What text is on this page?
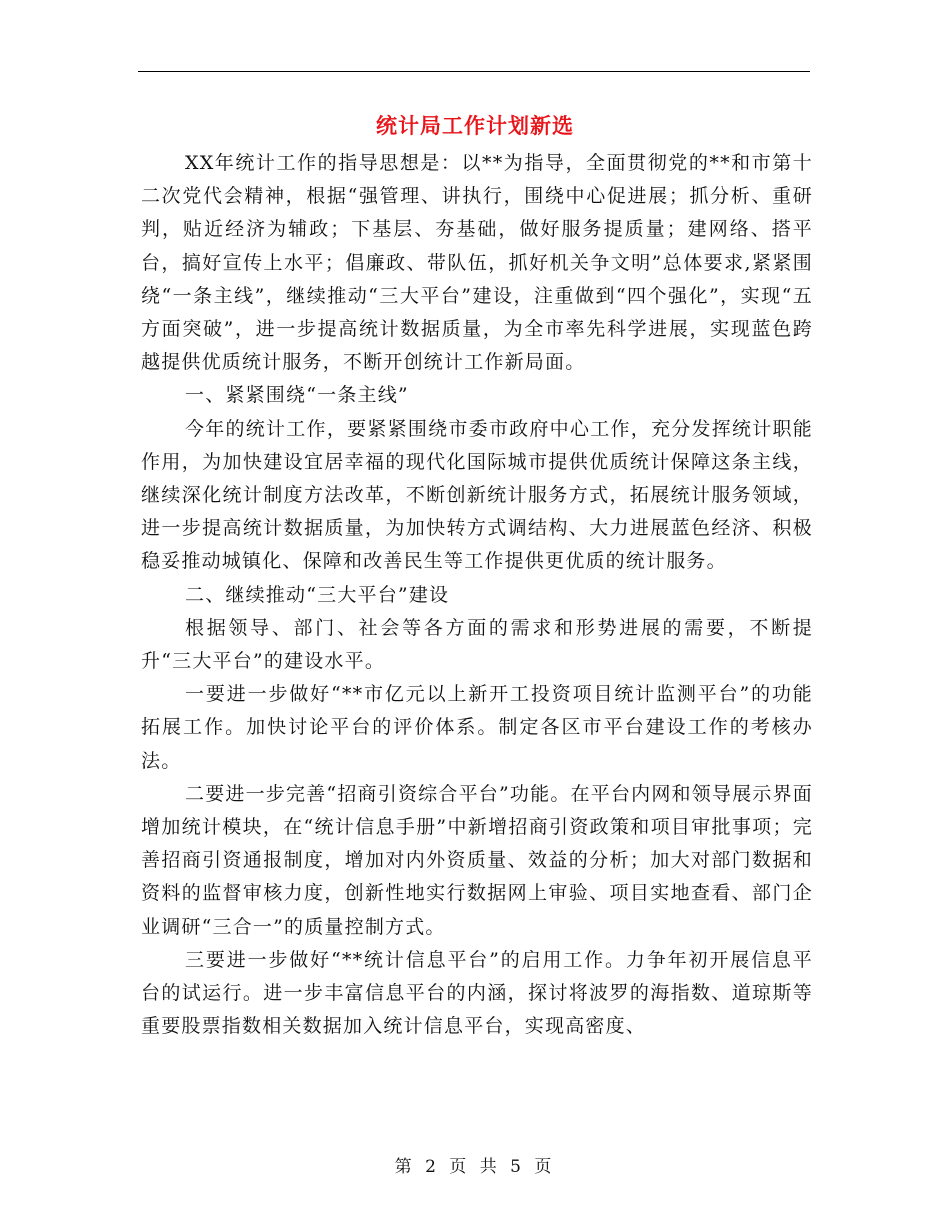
统计局工作计划新选

XX年统计工作的指导思想是：以**为指导，全面贯彻党的**和市第十二次党代会精神，根据“强管理、讲执行，围绕中心促进展；抓分析、重研判，贴近经济为辅政；下基层、夯基础，做好服务提质量；建网络、搭平台，搞好宣传上水平；倡廉政、带队伍，抓好机关争文明”总体要求,紧紧围绕“一条主线”，继续推动“三大平台”建设，注重做到“四个强化”，实现“五方面突破”，进一步提高统计数据质量，为全市率先科学进展，实现蓝色跨越提供优质统计服务，不断开创统计工作新局面。

一、紧紧围绕“一条主线”

今年的统计工作，要紧紧围绕市委市政府中心工作，充分发挥统计职能作用，为加快建设宜居幸福的现代化国际城市提供优质统计保障这条主线，继续深化统计制度方法改革，不断创新统计服务方式，拓展统计服务领域，进一步提高统计数据质量，为加快转方式调结构、大力进展蓝色经济、积极稳妥推动城镇化、保障和改善民生等工作提供更优质的统计服务。

二、继续推动“三大平台”建设

根据领导、部门、社会等各方面的需求和形势进展的需要，不断提升“三大平台”的建设水平。

一要进一步做好“**市亿元以上新开工投资项目统计监测平台”的功能拓展工作。加快讨论平台的评价体系。制定各区市平台建设工作的考核办法。

二要进一步完善“招商引资综合平台”功能。在平台内网和领导展示界面增加统计模块，在“统计信息手册”中新增招商引资政策和项目审批事项；完善招商引资通报制度，增加对内外资质量、效益的分析；加大对部门数据和资料的监督审核力度，创新性地实行数据网上审验、项目实地查看、部门企业调研“三合一”的质量控制方式。

三要进一步做好“**统计信息平台”的启用工作。力争年初开展信息平台的试运行。进一步丰富信息平台的内涵，探讨将波罗的海指数、道琼斯等重要股票指数相关数据加入统计信息平台，实现高密度、

第 2 页 共 5 页
